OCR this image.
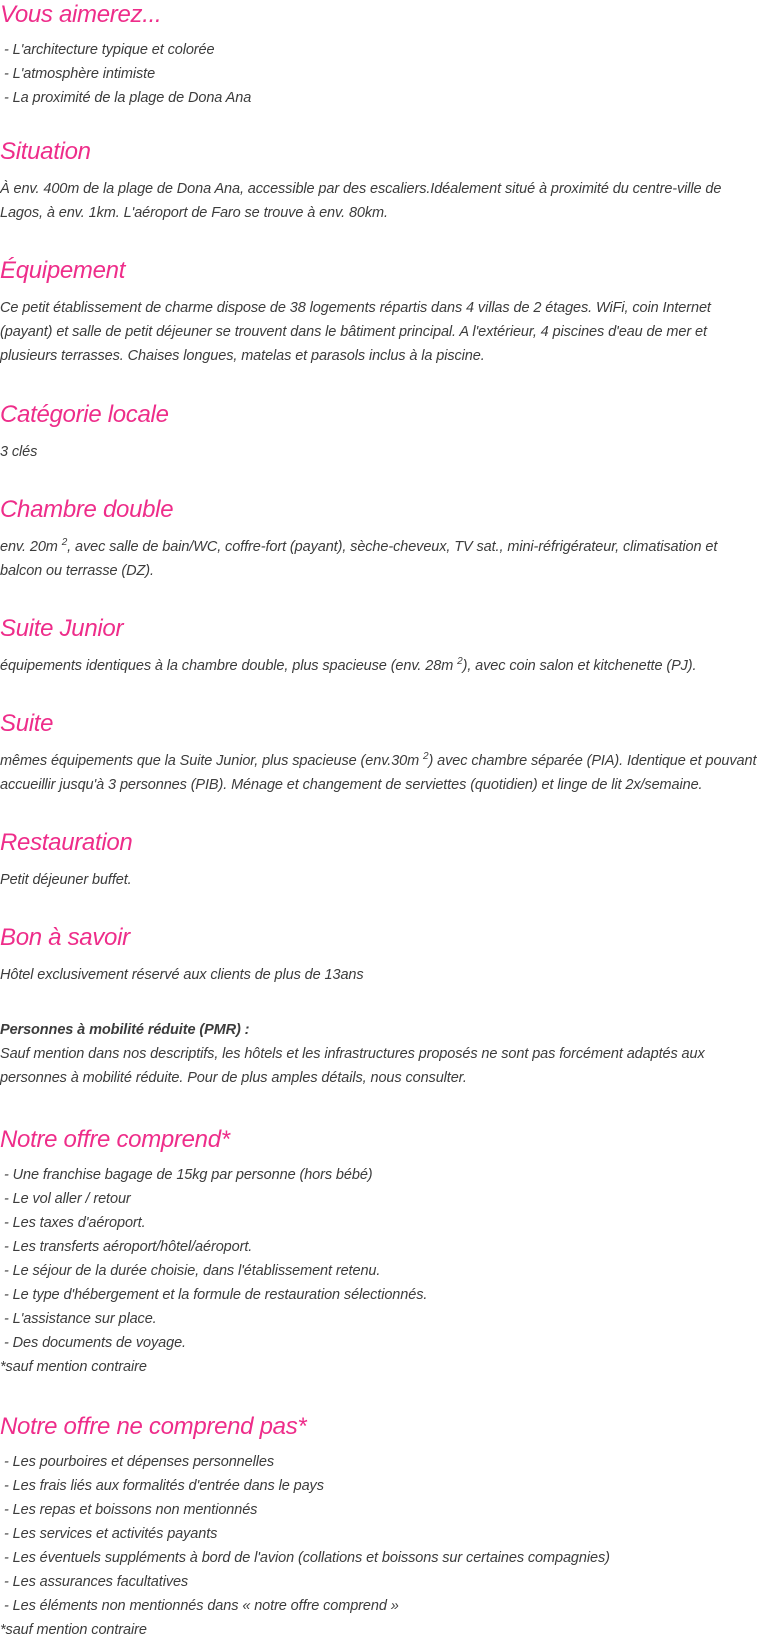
Vous aimerez...
- L'architecture typique et colorée
- L'atmosphère intimiste
- La proximité de la plage de Dona Ana
Situation

À env. 400m de la plage de Dona Ana, accessible par des escaliers.Idéalement situé à proximité du centre-ville de Lagos, à env. 1km. L'aéroport de Faro se trouve à env. 80km.

Équipement

Ce petit établissement de charme dispose de 38 logements répartis dans 4 villas de 2 étages. WiFi, coin Internet (payant) et salle de petit déjeuner se trouvent dans le bâtiment principal. A l'extérieur, 4 piscines d'eau de mer et plusieurs terrasses. Chaises longues, matelas et parasols inclus à la piscine.

Catégorie locale

3 clés

Chambre double

env. 20m $^2$, avec salle de bain/WC, coffre-fort (payant), sèche-cheveux, TV sat., mini-réfrigérateur, climatisation et balcon ou terrasse (DZ).

Suite Junior

équipements identiques à la chambre double, plus spacieuse (env. 28m $^2$), avec coin salon et kitchenette (PJ).

Suite

mêmes équipements que la Suite Junior, plus spacieuse (env.30m $^2$) avec chambre séparée (PIA). Identique et pouvant accueillir jusqu'à 3 personnes (PIB). Ménage et changement de serviettes (quotidien) et linge de lit 2x/semaine.

Restauration

Petit déjeuner buffet.

Bon à savoir

Hôtel exclusivement réservé aux clients de plus de 13ans

Personnes à mobilité réduite (PMR) :

Sauf mention dans nos descriptifs, les hôtels et les infrastructures proposés ne sont pas forcément adaptés aux personnes à mobilité réduite. Pour de plus amples détails, nous consulter.

Notre offre comprend*
- Une franchise bagage de 15kg par personne (hors bébé)
- Le vol aller / retour
- Les taxes d'aéroport.
- Les transferts aéroport/hôtel/aéroport.
- Le séjour de la durée choisie, dans l'établissement retenu.
- Le type d'hébergement et la formule de restauration sélectionnés.
- L'assistance sur place.
- Des documents de voyage.
*sauf mention contraire
Notre offre ne comprend pas*
- Les pourboires et dépenses personnelles
- Les frais liés aux formalités d'entrée dans le pays
- Les repas et boissons non mentionnés
- Les services et activités payants
- Les éventuels suppléments à bord de l'avion (collations et boissons sur certaines compagnies)
- Les assurances facultatives
- Les éléments non mentionnés dans « notre offre comprend »
*sauf mention contraire
